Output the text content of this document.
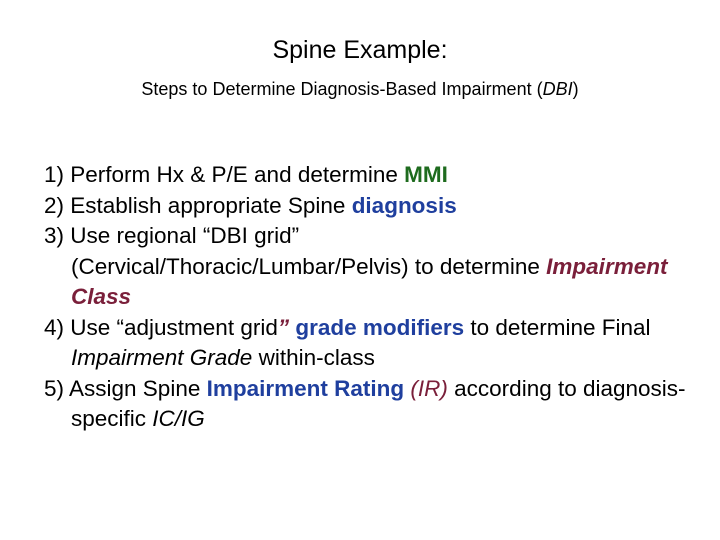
Spine Example:
Steps to Determine Diagnosis-Based Impairment (DBI)
1) Perform Hx & P/E and determine MMI
2) Establish appropriate Spine diagnosis
3) Use regional “DBI grid”
(Cervical/Thoracic/Lumbar/Pelvis) to determine Impairment Class
4) Use “adjustment grid” grade modifiers to determine Final Impairment Grade within-class
5) Assign Spine Impairment Rating (IR) according to diagnosis-specific IC/IG
